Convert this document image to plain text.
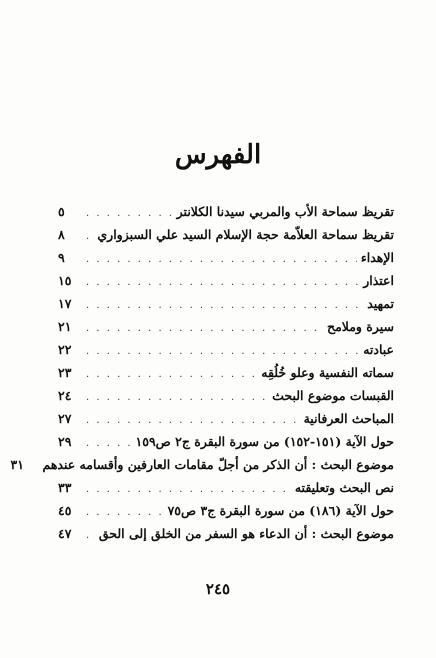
الفهرس
تقريظ سماحة الأب والمربي سيدنا الكلانتر
. . .
٥
تقريظ سماحة العلاّمة حجة الإسلام السيد علي السبزواري
. . .
٨
الإهداء
. . .
٩
اعتذار
. . .
١٥
تمهيد
. . .
١٧
سيرة وملامح
. . .
٢١
عبادته
. . .
٢٢
سماته النفسية وعلو خُلُقِه
. . .
٢٣
القبسات موضوع البحث
. . .
٢٤
المباحث العرفانية
. . .
٢٧
حول الآية (١٥١-١٥٢) من سورة البقرة ج٢ ص١٥٩
. . .
٢٩
موضوع البحث : أن الذكر من أجلّ مقامات العارفين وأقسامه عندهم
٣١
نص البحث وتعليقته
. . .
٣٣
حول الآية (١٨٦) من سورة البقرة ج٣ ص٧٥
. . .
٤٥
موضوع البحث : أن الدعاء هو السفر من الخلق إلى الحق
. . .
٤٧
٢٤٥
